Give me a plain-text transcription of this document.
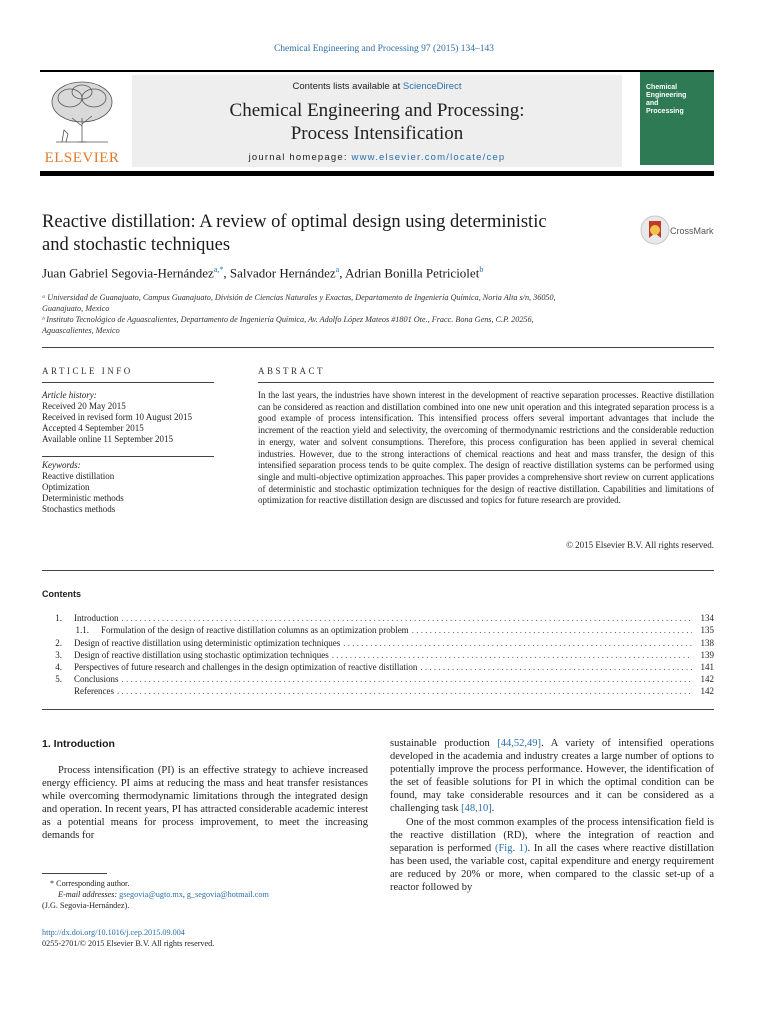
Chemical Engineering and Processing 97 (2015) 134–143
ELSEVIER
Contents lists available at ScienceDirect
Chemical Engineering and Processing:
Process Intensification
journal homepage: www.elsevier.com/locate/cep
Chemical
Engineering
and
Processing
Reactive distillation: A review of optimal design using deterministic
and stochastic techniques
CrossMark
Juan Gabriel Segovia-Hernández$^{a,*}$, Salvador Hernández$^a$, Adrian Bonilla Petriciolet$^b$
ᵃ Universidad de Guanajuato, Campus Guanajuato, División de Ciencias Naturales y Exactas, Departamento de Ingeniería Química, Noria Alta s/n, 36050,
Guanajuato, Mexico
ᵇ Instituto Tecnológico de Aguascalientes, Departamento de Ingeniería Química, Av. Adolfo López Mateos #1801 Ote., Fracc. Bona Gens, C.P. 20256,
Aguascalientes, Mexico
ARTICLE INFO	ABSTRACT
Article history:
Received 20 May 2015
Received in revised form 10 August 2015
Accepted 4 September 2015
Available online 11 September 2015
Keywords:
Reactive distillation
Optimization
Deterministic methods
Stochastics methods
In the last years, the industries have shown interest in the development of reactive separation processes. Reactive distillation can be considered as reaction and distillation combined into one new unit operation and this integrated separation process is a good example of process intensification. This intensified process offers several important advantages that include the increment of the reaction yield and selectivity, the overcoming of thermodynamic restrictions and the considerable reduction in energy, water and solvent consumptions. Therefore, this process configuration has been applied in several chemical industries. However, due to the strong interactions of chemical reactions and heat and mass transfer, the design of this intensified separation process tends to be quite complex. The design of reactive distillation systems can be performed using single and multi-objective optimization approaches. This paper provides a comprehensive short review on current applications of deterministic and stochastic optimization techniques for the design of reactive distillation. Capabilities and limitations of optimization for reactive distillation design are discussed and topics for future research are provided.
© 2015 Elsevier B.V. All rights reserved.
Contents
1.	Introduction . . .	134
1.1.	Formulation of the design of reactive distillation columns as an optimization problem . . .	135
2.	Design of reactive distillation using deterministic optimization techniques . . .	138
3.	Design of reactive distillation using stochastic optimization techniques . . .	139
4.	Perspectives of future research and challenges in the design optimization of reactive distillation . . .	141
5.	Conclusions . . .	142
References . . .	142
1. Introduction
Process intensification (PI) is an effective strategy to achieve increased energy efficiency. PI aims at reducing the mass and heat transfer resistances while overcoming thermodynamic limitations through the integrated design and operation. In recent years, PI has attracted considerable academic interest as a potential means for process improvement, to meet the increasing demands for

sustainable production [44,52,49]. A variety of intensified operations developed in the academia and industry creates a large number of options to potentially improve the process performance. However, the identification of the set of feasible solutions for PI in which the optimal condition can be found, may take considerable resources and it can be considered as a challenging task [48,10].

One of the most common examples of the process intensification field is the reactive distillation (RD), where the integration of reaction and separation is performed (Fig. 1). In all the cases where reactive distillation has been used, the variable cost, capital expenditure and energy requirement are reduced by 20% or more, when compared to the classic set-up of a reactor followed by

* Corresponding author.
E-mail addresses: gsegovia@ugto.mx, g_segovia@hotmail.com
(J.G. Segovia-Hernández).
http://dx.doi.org/10.1016/j.cep.2015.09.004
0255-2701/© 2015 Elsevier B.V. All rights reserved.
